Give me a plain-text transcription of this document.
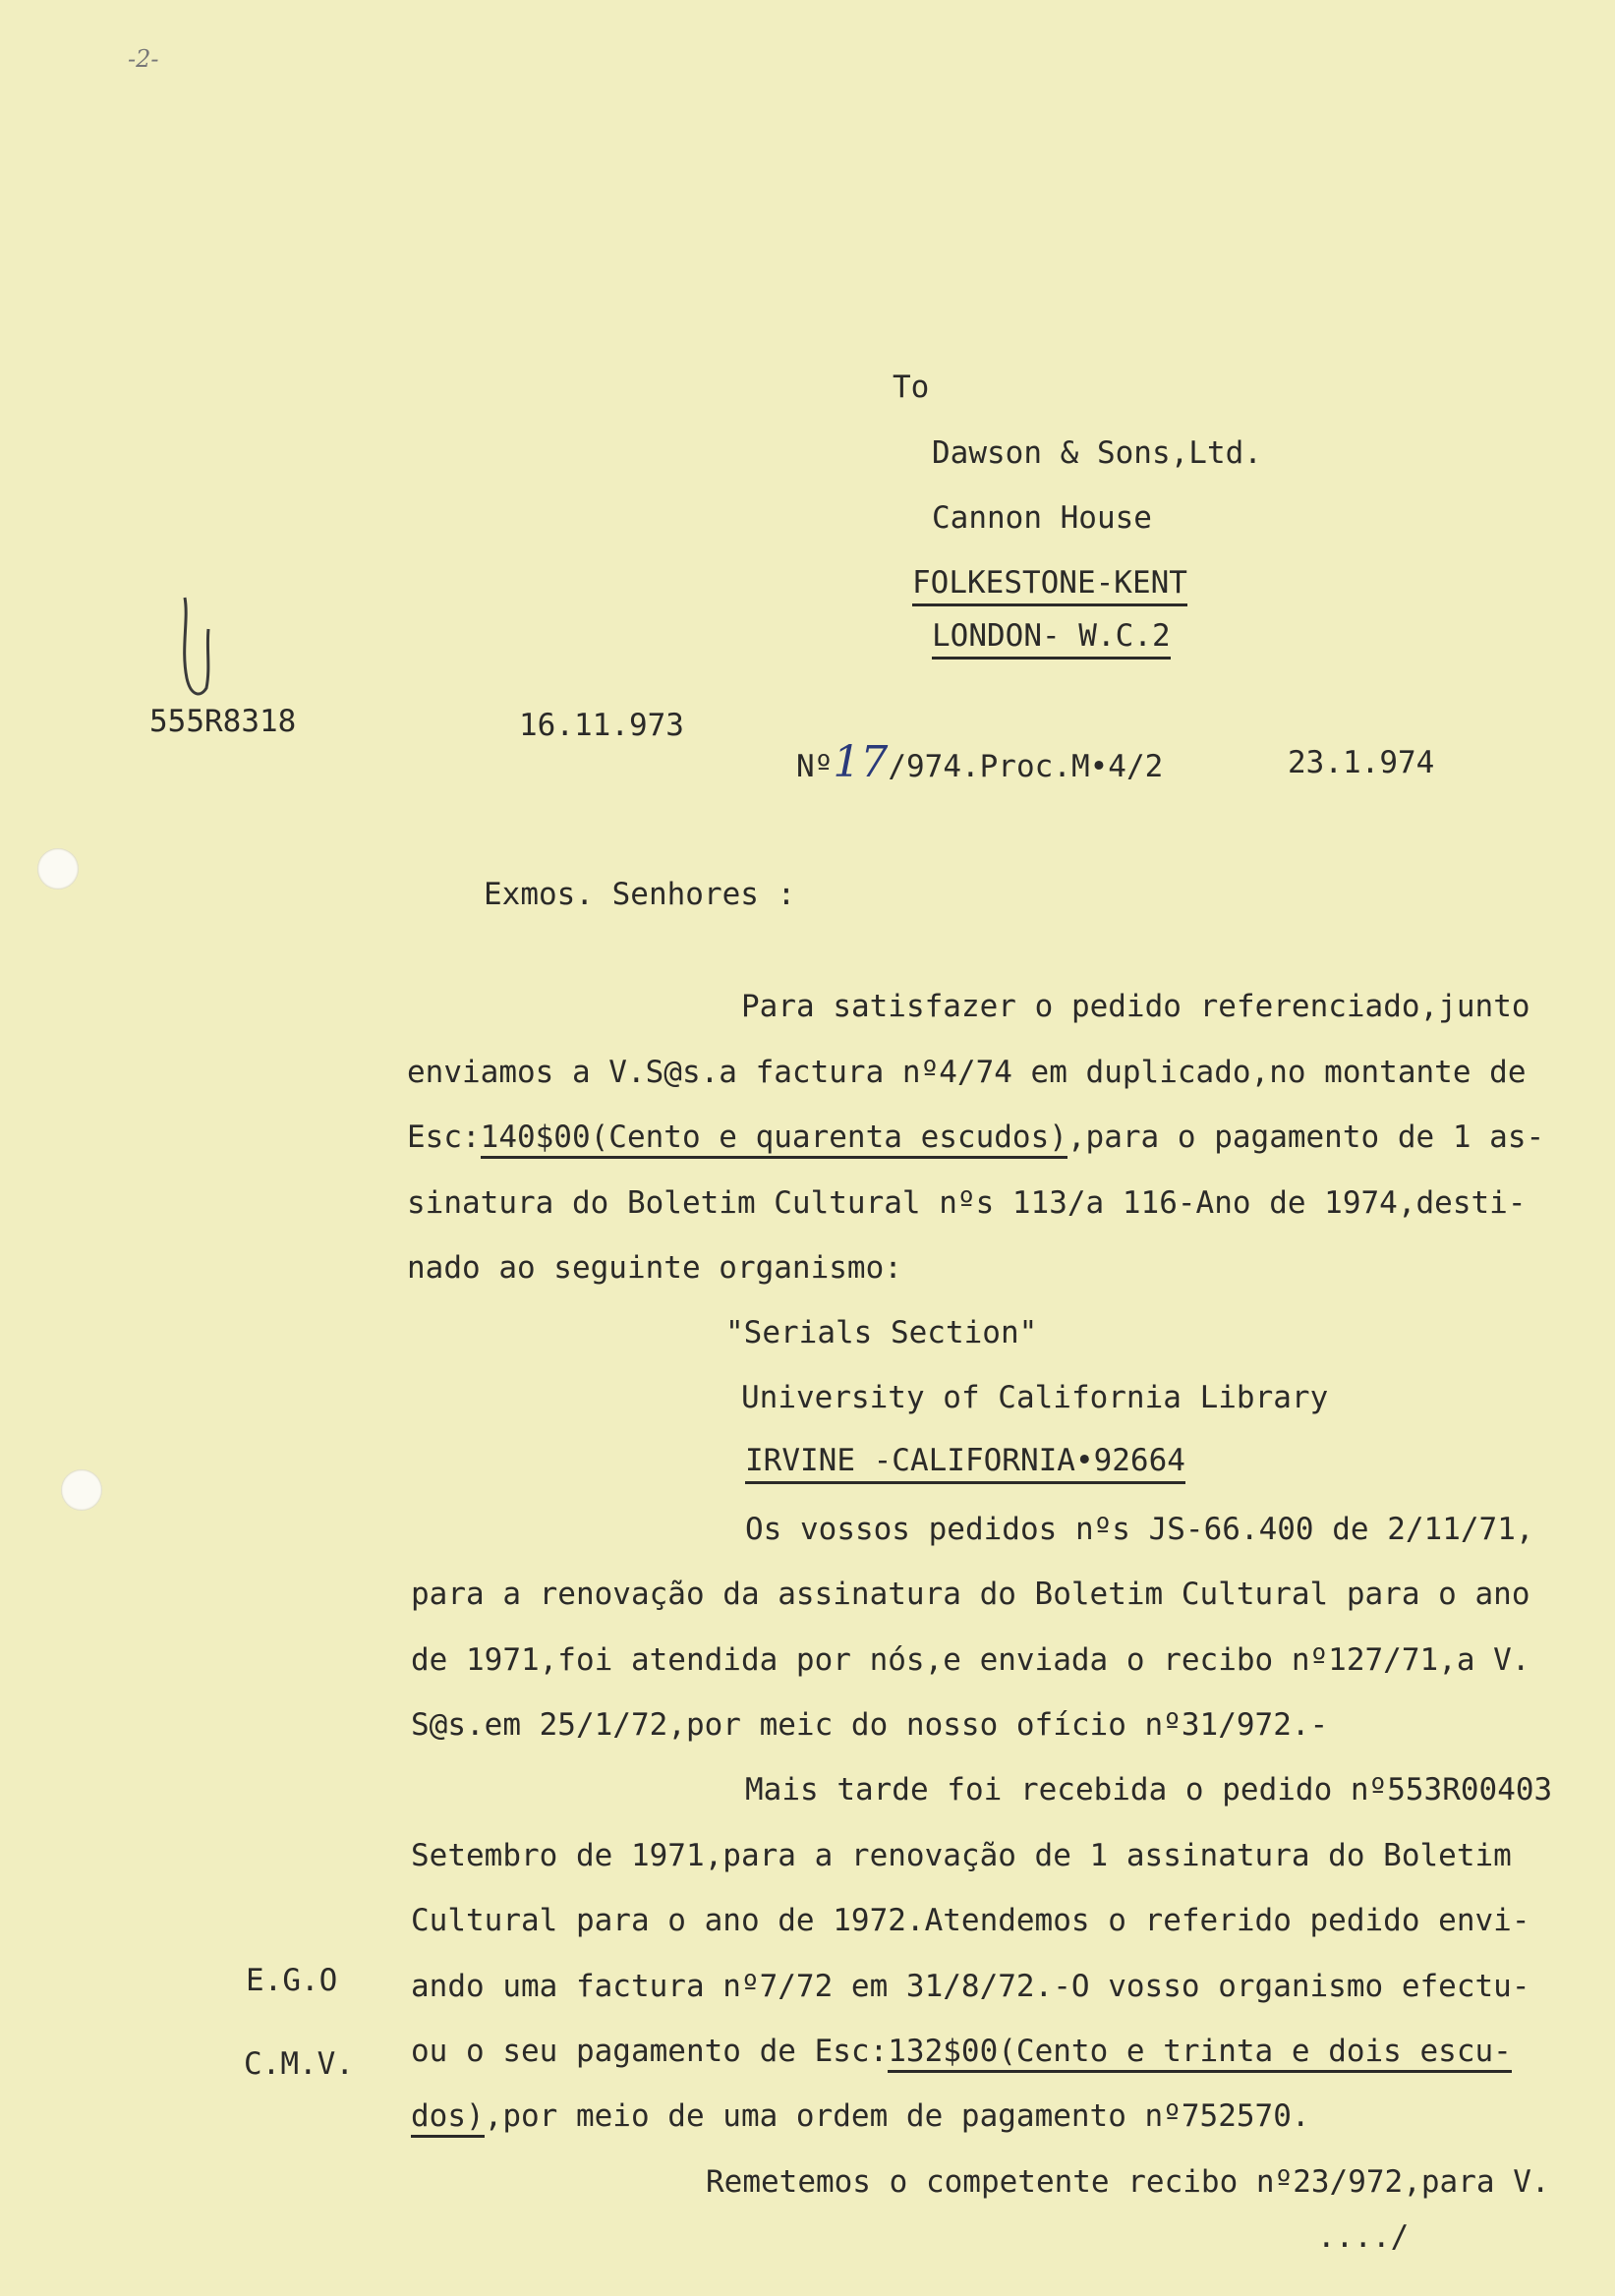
-2-
To
Dawson & Sons,Ltd.
Cannon House
FOLKESTONE-KENT
LONDON- W.C.2
555R8318	16.11.973
Nº17/974.Proc.M•4/2	23.1.974
Exmos. Senhores :
Para satisfazer o pedido referenciado,junto
enviamos a V.S@s.a factura nº4/74 em duplicado,no montante de
Esc:140$00(Cento e quarenta escudos),para o pagamento de 1 as-
sinatura do Boletim Cultural nºs 113/a 116-Ano de 1974,desti-
nado ao seguinte organismo:
"Serials Section"
University of California Library
IRVINE -CALIFORNIA•92664
Os vossos pedidos nºs JS-66.400 de 2/11/71,
para a renovação da assinatura do Boletim Cultural para o ano
de 1971,foi atendida por nós,e enviada o recibo nº127/71,a V.
S@s.em 25/1/72,por meic do nosso ofício nº31/972.-
Mais tarde foi recebida o pedido nº553R00403
Setembro de 1971,para a renovação de 1 assinatura do Boletim
Cultural para o ano de 1972.Atendemos o referido pedido envi-
ando uma factura nº7/72 em 31/8/72.-O vosso organismo efectu-
ou o seu pagamento de Esc:132$00(Cento e trinta e dois escu-
dos),por meio de uma ordem de pagamento nº752570.
Remetemos o competente recibo nº23/972,para V.
..../
E.G.O
C.M.V.
